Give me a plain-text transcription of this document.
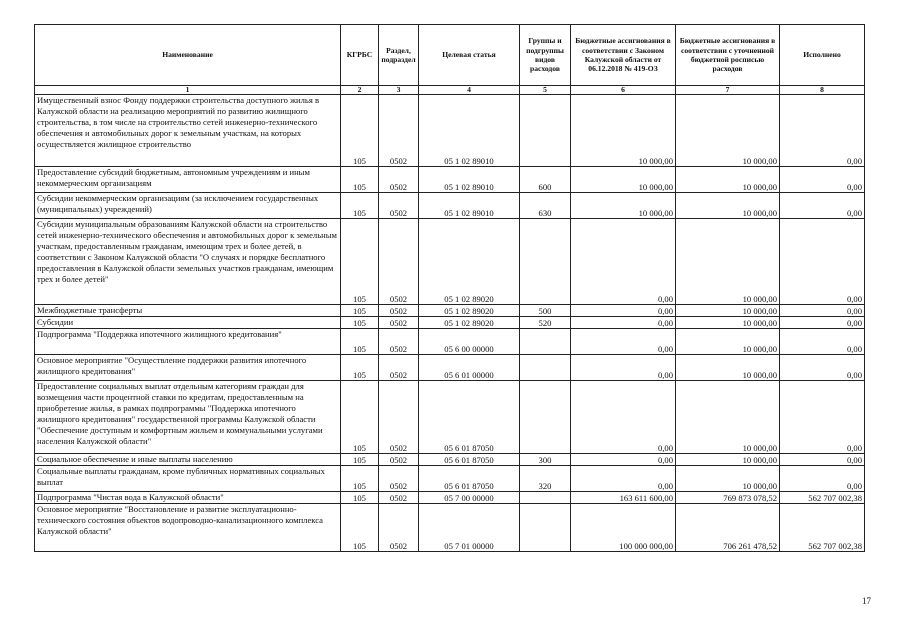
Наименование	КГРБС	Раздел, подраздел	Целевая статья	Группы и подгруппы видов расходов	Бюджетные ассигнования в соответствии с Законом Калужской области от 06.12.2018 № 419-ОЗ	Бюджетные ассигнования в соответствии с уточненной бюджетной росписью расходов	Исполнено
1	2	3	4	5	6	7	8
Имущественный взнос Фонду поддержки строительства доступного жилья в Калужской области на реализацию мероприятий по развитию жилищного строительства, в том числе на строительство сетей инженерно-технического обеспечения и автомобильных дорог к земельным участкам, на которых осуществляется жилищное строительство	105	0502	05 1 02 89010		10 000,00	10 000,00	0,00
Предоставление субсидий бюджетным, автономным учреждениям и иным некоммерческим организациям	105	0502	05 1 02 89010	600	10 000,00	10 000,00	0,00
Субсидии некоммерческим организациям (за исключением государственных (муниципальных) учреждений)	105	0502	05 1 02 89010	630	10 000,00	10 000,00	0,00
Субсидии муниципальным образованиям Калужской области на строительство сетей инженерно-технического обеспечения и автомобильных дорог к земельным участкам, предоставленным гражданам, имеющим трех и более детей, в соответствии с Законом Калужской области "О случаях и порядке бесплатного предоставления в Калужской области земельных участков гражданам, имеющим трех и более детей"	105	0502	05 1 02 89020		0,00	10 000,00	0,00
Межбюджетные трансферты	105	0502	05 1 02 89020	500	0,00	10 000,00	0,00
Субсидии	105	0502	05 1 02 89020	520	0,00	10 000,00	0,00
Подпрограмма "Поддержка ипотечного жилищного кредитования"	105	0502	05 6 00 00000		0,00	10 000,00	0,00
Основное мероприятие "Осуществление поддержки развития ипотечного жилищного кредитования"	105	0502	05 6 01 00000		0,00	10 000,00	0,00
Предоставление социальных выплат отдельным категориям граждан для возмещения части процентной ставки по кредитам, предоставленным на приобретение жилья, в рамках подпрограммы "Поддержка ипотечного жилищного кредитования" государственной программы Калужской области "Обеспечение доступным и комфортным жильем и коммунальными услугами населения Калужской области"	105	0502	05 6 01 87050		0,00	10 000,00	0,00
Социальное обеспечение и иные выплаты населению	105	0502	05 6 01 87050	300	0,00	10 000,00	0,00
Социальные выплаты гражданам, кроме публичных нормативных социальных выплат	105	0502	05 6 01 87050	320	0,00	10 000,00	0,00
Подпрограмма "Чистая вода в Калужской области"	105	0502	05 7 00 00000		163 611 600,00	769 873 078,52	562 707 002,38
Основное мероприятие "Восстановление и развитие эксплуатационно-технического состояния объектов водопроводно-канализационного комплекса Калужской области"	105	0502	05 7 01 00000		100 000 000,00	706 261 478,52	562 707 002,38
17
